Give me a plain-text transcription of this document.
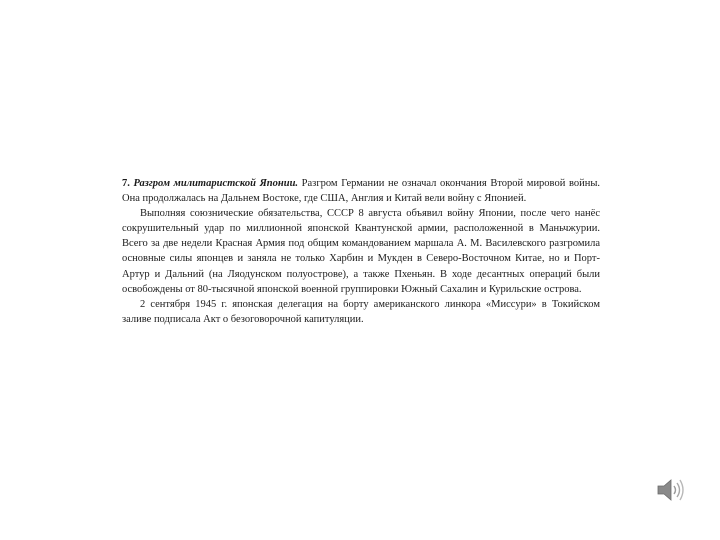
7. Разгром милитаристской Японии. Разгром Германии не означал окончания Второй мировой войны. Она продолжалась на Дальнем Востоке, где США, Англия и Китай вели войну с Японией.

Выполняя союзнические обязательства, СССР 8 августа объявил войну Японии, после чего нанёс сокрушительный удар по миллионной японской Квантунской армии, расположенной в Маньчжурии. Всего за две недели Красная Армия под общим командованием маршала А. М. Василевского разгромила основные силы японцев и заняла не только Харбин и Мукден в Северо-Восточном Китае, но и Порт-Артур и Дальний (на Ляодунском полуострове), а также Пхеньян. В ходе десантных операций были освобождены от 80-тысячной японской военной группировки Южный Сахалин и Курильские острова.

2 сентября 1945 г. японская делегация на борту американского линкора «Миссури» в Токийском заливе подписала Акт о безоговорочной капитуляции.
